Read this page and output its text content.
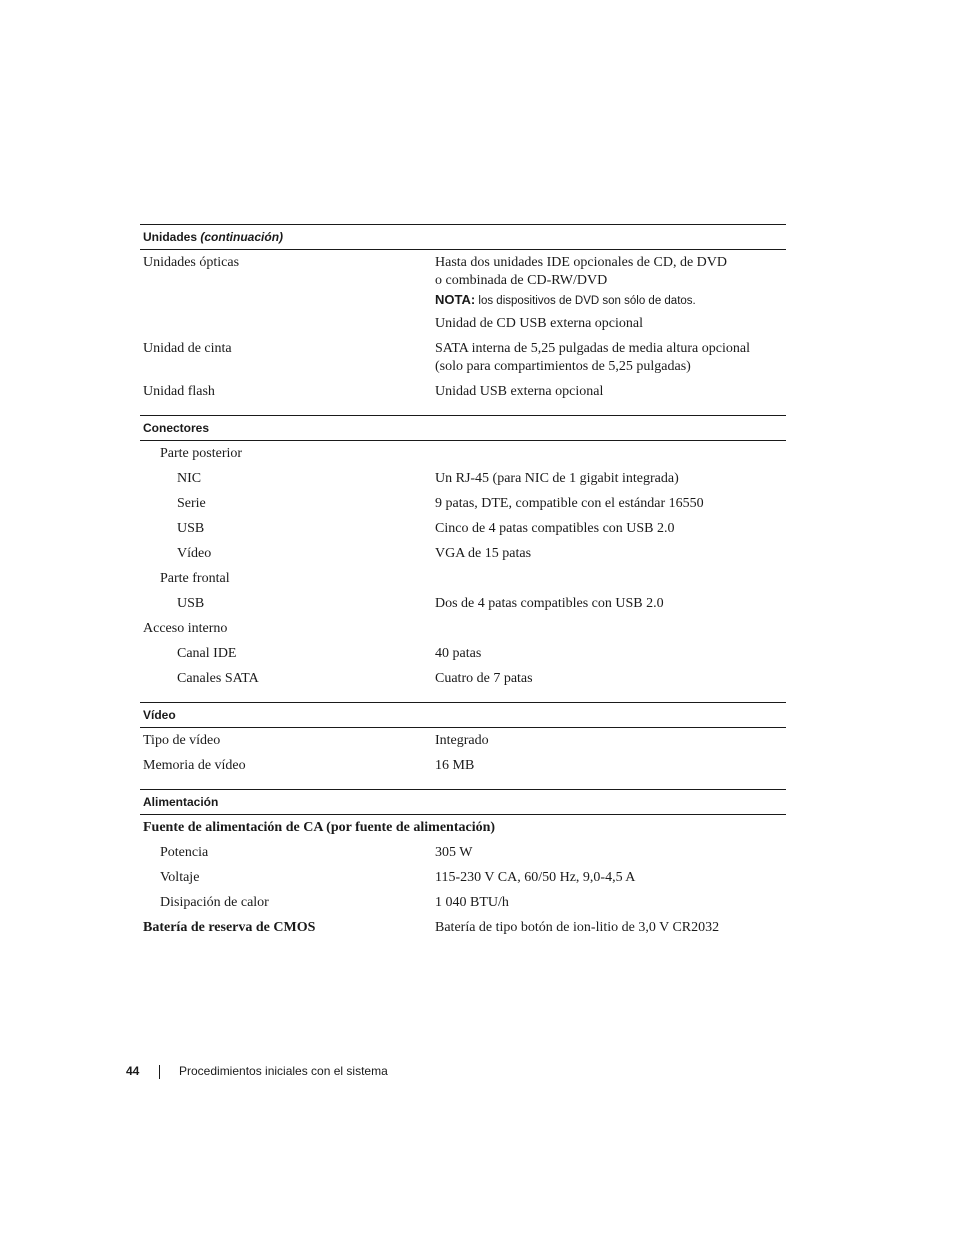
Unidades (continuación)
Unidades ópticas	Hasta dos unidades IDE opcionales de CD, de DVD
o combinada de CD-RW/DVD
NOTA: los dispositivos de DVD son sólo de datos.
Unidad de CD USB externa opcional
Unidad de cinta	SATA interna de 5,25 pulgadas de media altura opcional
(solo para compartimientos de 5,25 pulgadas)
Unidad flash	Unidad USB externa opcional
Conectores
Parte posterior
NIC	Un RJ-45 (para NIC de 1 gigabit integrada)
Serie	9 patas, DTE, compatible con el estándar 16550
USB	Cinco de 4 patas compatibles con USB 2.0
Vídeo	VGA de 15 patas
Parte frontal
USB	Dos de 4 patas compatibles con USB 2.0
Acceso interno
Canal IDE	40 patas
Canales SATA	Cuatro de 7 patas
Vídeo
Tipo de vídeo	Integrado
Memoria de vídeo	16 MB
Alimentación
Fuente de alimentación de CA (por fuente de alimentación)
Potencia	305 W
Voltaje	115-230 V CA, 60/50 Hz, 9,0-4,5 A
Disipación de calor	1 040 BTU/h
Batería de reserva de CMOS	Batería de tipo botón de ion-litio de 3,0 V CR2032
44	Procedimientos iniciales con el sistema
